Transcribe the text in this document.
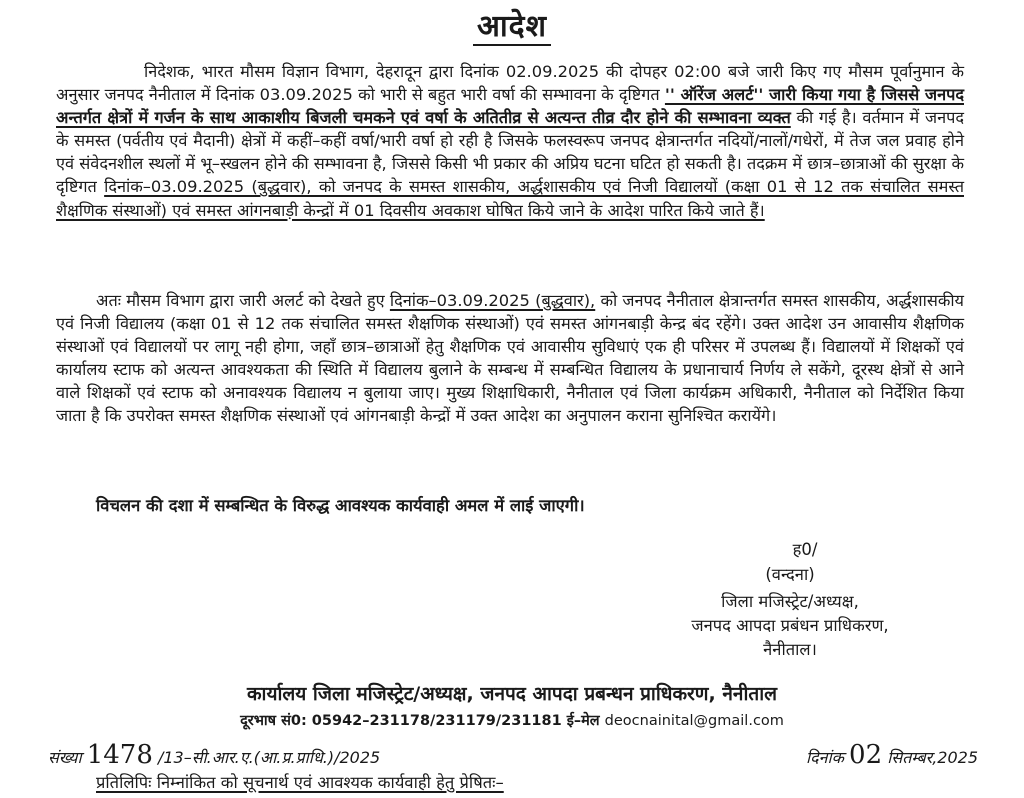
आदेश
निदेशक, भारत मौसम विज्ञान विभाग, देहरादून द्वारा दिनांक 02.09.2025 की दोपहर 02:00 बजे जारी किए गए मौसम पूर्वानुमान के अनुसार जनपद नैनीताल में दिनांक 03.09.2025 को भारी से बहुत भारी वर्षा की सम्भावना के दृष्टिगत '' ऑरेंज अलर्ट'' जारी किया गया है जिससे जनपद अन्तर्गत क्षेत्रों में गर्जन के साथ आकाशीय बिजली चमकने एवं वर्षा के अतितीव्र से अत्यन्त तीव्र दौर होने की सम्भावना व्यक्त की गई है। वर्तमान में जनपद के समस्त (पर्वतीय एवं मैदानी) क्षेत्रों में कहीं–कहीं वर्षा/भारी वर्षा हो रही है जिसके फलस्वरूप जनपद क्षेत्रान्तर्गत नदियों/नालों/गधेरों, में तेज जल प्रवाह होने एवं संवेदनशील स्थलों में भू–स्खलन होने की सम्भावना है, जिससे किसी भी प्रकार की अप्रिय घटना घटित हो सकती है। तदक्रम में छात्र–छात्राओं की सुरक्षा के दृष्टिगत दिनांक–03.09.2025 (बुद्धवार), को जनपद के समस्त शासकीय, अर्द्धशासकीय एवं निजी विद्यालयों (कक्षा 01 से 12 तक संचालित समस्त शैक्षणिक संस्थाओं) एवं समस्त आंगनबाड़ी केन्द्रों में 01 दिवसीय अवकाश घोषित किये जाने के आदेश पारित किये जाते हैं।
अतः मौसम विभाग द्वारा जारी अलर्ट को देखते हुए दिनांक–03.09.2025 (बुद्धवार), को जनपद नैनीताल क्षेत्रान्तर्गत समस्त शासकीय, अर्द्धशासकीय एवं निजी विद्यालय (कक्षा 01 से 12 तक संचालित समस्त शैक्षणिक संस्थाओं) एवं समस्त आंगनबाड़ी केन्द्र बंद रहेंगे। उक्त आदेश उन आवासीय शैक्षणिक संस्थाओं एवं विद्यालयों पर लागू नही होगा, जहाँ छात्र–छात्राओं हेतु शैक्षणिक एवं आवासीय सुविधाएं एक ही परिसर में उपलब्ध हैं। विद्यालयों में शिक्षकों एवं कार्यालय स्टाफ को अत्यन्त आवश्यकता की स्थिति में विद्यालय बुलाने के सम्बन्ध में सम्बन्धित विद्यालय के प्रधानाचार्य निर्णय ले सकेंगे, दूरस्थ क्षेत्रों से आने वाले शिक्षकों एवं स्टाफ को अनावश्यक विद्यालय न बुलाया जाए। मुख्य शिक्षाधिकारी, नैनीताल एवं जिला कार्यक्रम अधिकारी, नैनीताल को निर्देशित किया जाता है कि उपरोक्त समस्त शैक्षणिक संस्थाओं एवं आंगनबाड़ी केन्द्रों में उक्त आदेश का अनुपालन कराना सुनिश्चित करायेंगे।
विचलन की दशा में सम्बन्धित के विरुद्ध आवश्यक कार्यवाही अमल में लाई जाएगी।
ह0/
(वन्दना)
जिला मजिस्ट्रेट/अध्यक्ष,
जनपद आपदा प्रबंधन प्राधिकरण,
नैनीताल।
कार्यालय जिला मजिस्ट्रेट/अध्यक्ष, जनपद आपदा प्रबन्धन प्राधिकरण, नैनीताल
दूरभाष सं0: 05942–231178/231179/231181 ई–मेल deocnainital@gmail.com
संख्या 1478 /13–सी.आर.ए.(आ.प्र.प्राधि.)/2025	दिनांक 02 सितम्बर,2025
प्रतिलिपिः निम्नांकित को सूचनार्थ एवं आवश्यक कार्यवाही हेतु प्रेषितः–
